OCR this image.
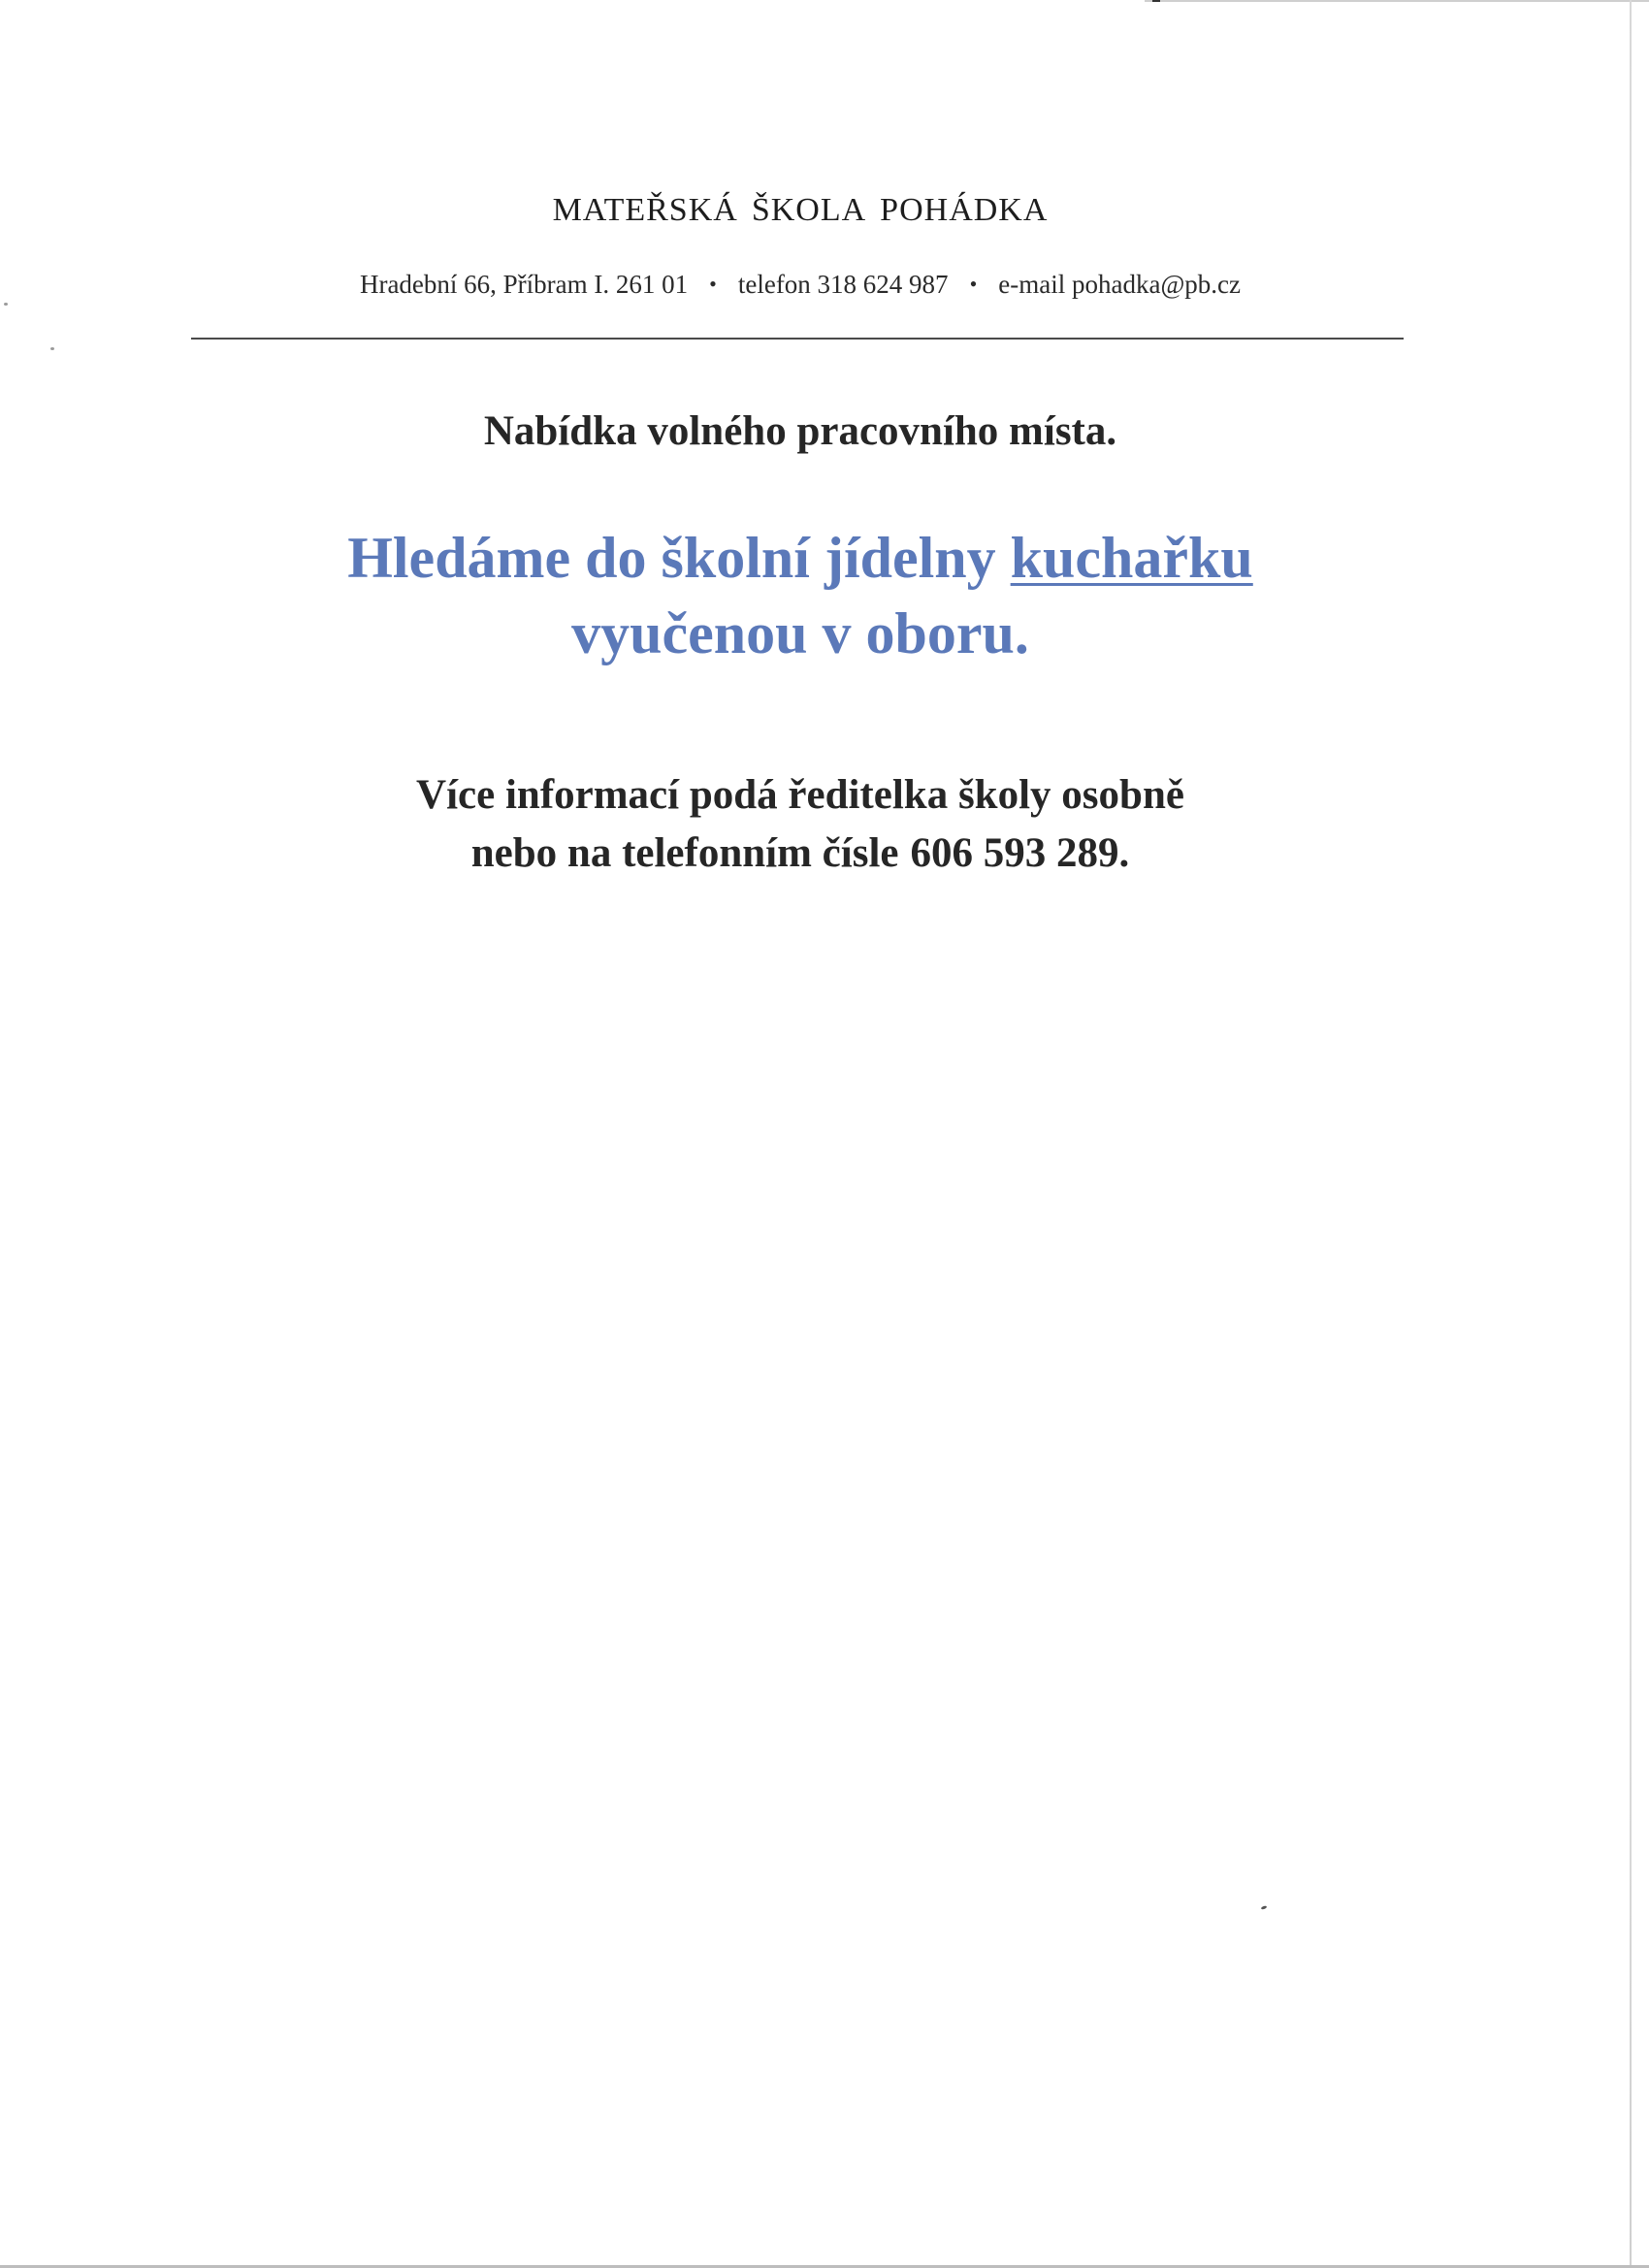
MATEŘSKÁ ŠKOLA POHÁDKA
Hradební 66, Příbram I. 261 01 • telefon 318 624 987 • e-mail pohadka@pb.cz
Nabídka volného pracovního místa.
Hledáme do školní jídelny kuchařku
vyučenou v oboru.
Více informací podá ředitelka školy osobně
nebo na telefonním čísle 606 593 289.
